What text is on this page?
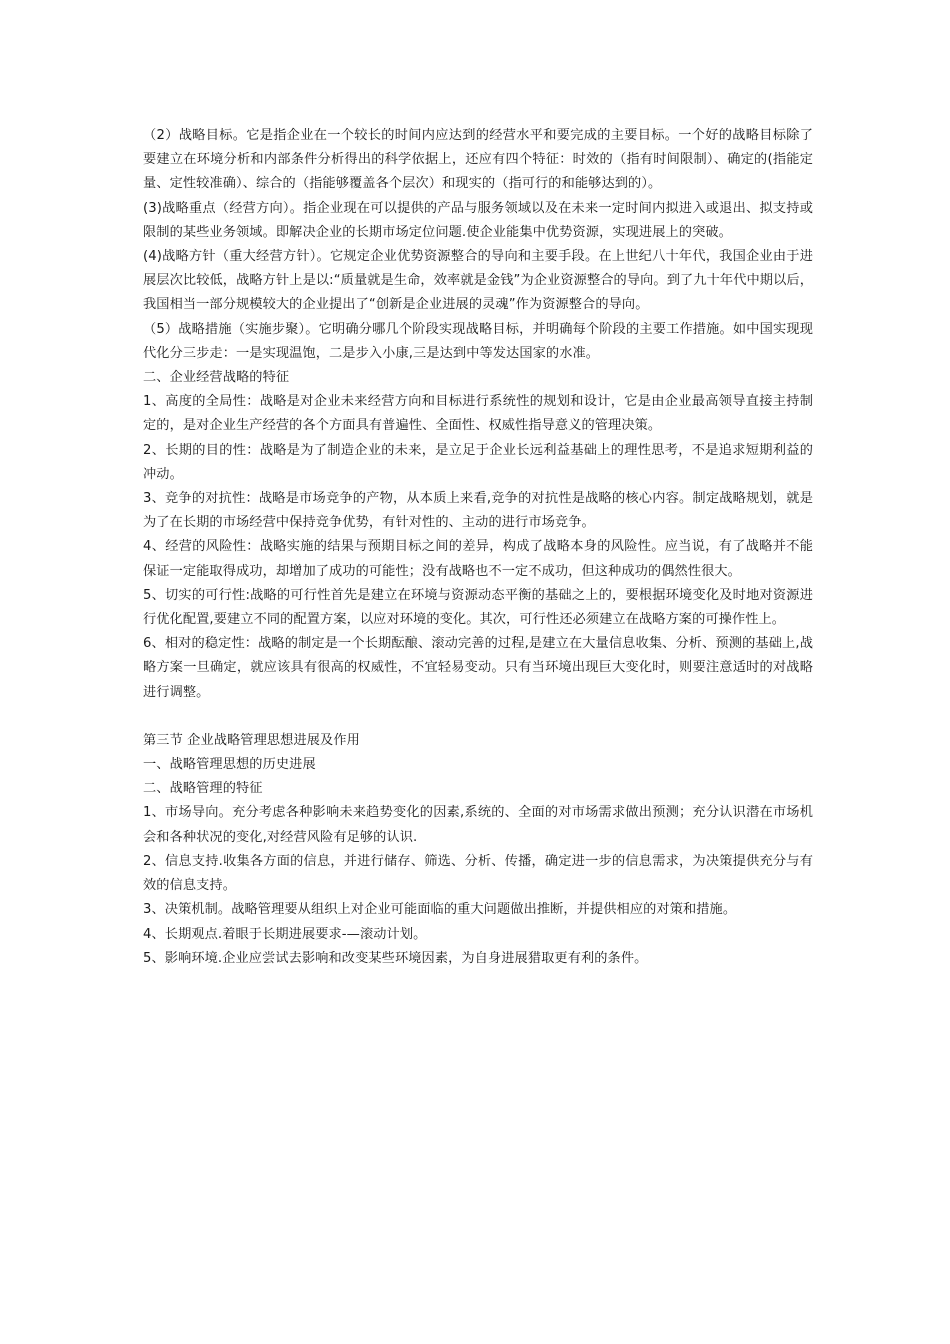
（2）战略目标。它是指企业在一个较长的时间内应达到的经营水平和要完成的主要目标。一个好的战略目标除了要建立在环境分析和内部条件分析得出的科学依据上，还应有四个特征：时效的（指有时间限制）、确定的(指能定量、定性较准确）、综合的（指能够覆盖各个层次）和现实的（指可行的和能够达到的）。

(3)战略重点（经营方向）。指企业现在可以提供的产品与服务领域以及在未来一定时间内拟进入或退出、拟支持或限制的某些业务领域。即解决企业的长期市场定位问题.使企业能集中优势资源，实现进展上的突破。

(4)战略方针（重大经营方针）。它规定企业优势资源整合的导向和主要手段。在上世纪八十年代，我国企业由于进展层次比较低，战略方针上是以:“质量就是生命，效率就是金钱”为企业资源整合的导向。到了九十年代中期以后，我国相当一部分规模较大的企业提出了“创新是企业进展的灵魂”作为资源整合的导向。

（5）战略措施（实施步聚）。它明确分哪几个阶段实现战略目标，并明确每个阶段的主要工作措施。如中国实现现代化分三步走：一是实现温饱，二是步入小康,三是达到中等发达国家的水准。

二、企业经营战略的特征

1、高度的全局性：战略是对企业未来经营方向和目标进行系统性的规划和设计，它是由企业最高领导直接主持制定的，是对企业生产经营的各个方面具有普遍性、全面性、权威性指导意义的管理决策。

2、长期的目的性：战略是为了制造企业的未来，是立足于企业长远利益基础上的理性思考，不是追求短期利益的冲动。

3、竞争的对抗性：战略是市场竞争的产物，从本质上来看,竞争的对抗性是战略的核心内容。制定战略规划，就是为了在长期的市场经营中保持竞争优势，有针对性的、主动的进行市场竞争。

4、经营的风险性：战略实施的结果与预期目标之间的差异，构成了战略本身的风险性。应当说，有了战略并不能保证一定能取得成功，却增加了成功的可能性；没有战略也不一定不成功，但这种成功的偶然性很大。

5、切实的可行性:战略的可行性首先是建立在环境与资源动态平衡的基础之上的，要根据环境变化及时地对资源进行优化配置,要建立不同的配置方案，以应对环境的变化。其次，可行性还必须建立在战略方案的可操作性上。

6、相对的稳定性：战略的制定是一个长期酝酿、滚动完善的过程,是建立在大量信息收集、分析、预测的基础上,战略方案一旦确定，就应该具有很高的权威性，不宜轻易变动。只有当环境出现巨大变化时，则要注意适时的对战略进行调整。

第三节 企业战略管理思想进展及作用

一、战略管理思想的历史进展

二、战略管理的特征

1、市场导向。充分考虑各种影响未来趋势变化的因素,系统的、全面的对市场需求做出预测；充分认识潜在市场机会和各种状况的变化,对经营风险有足够的认识.

2、信息支持.收集各方面的信息，并进行储存、筛选、分析、传播，确定进一步的信息需求，为决策提供充分与有效的信息支持。

3、决策机制。战略管理要从组织上对企业可能面临的重大问题做出推断，并提供相应的对策和措施。

4、长期观点.着眼于长期进展要求-—滚动计划。

5、影响环境.企业应尝试去影响和改变某些环境因素，为自身进展猎取更有利的条件。
